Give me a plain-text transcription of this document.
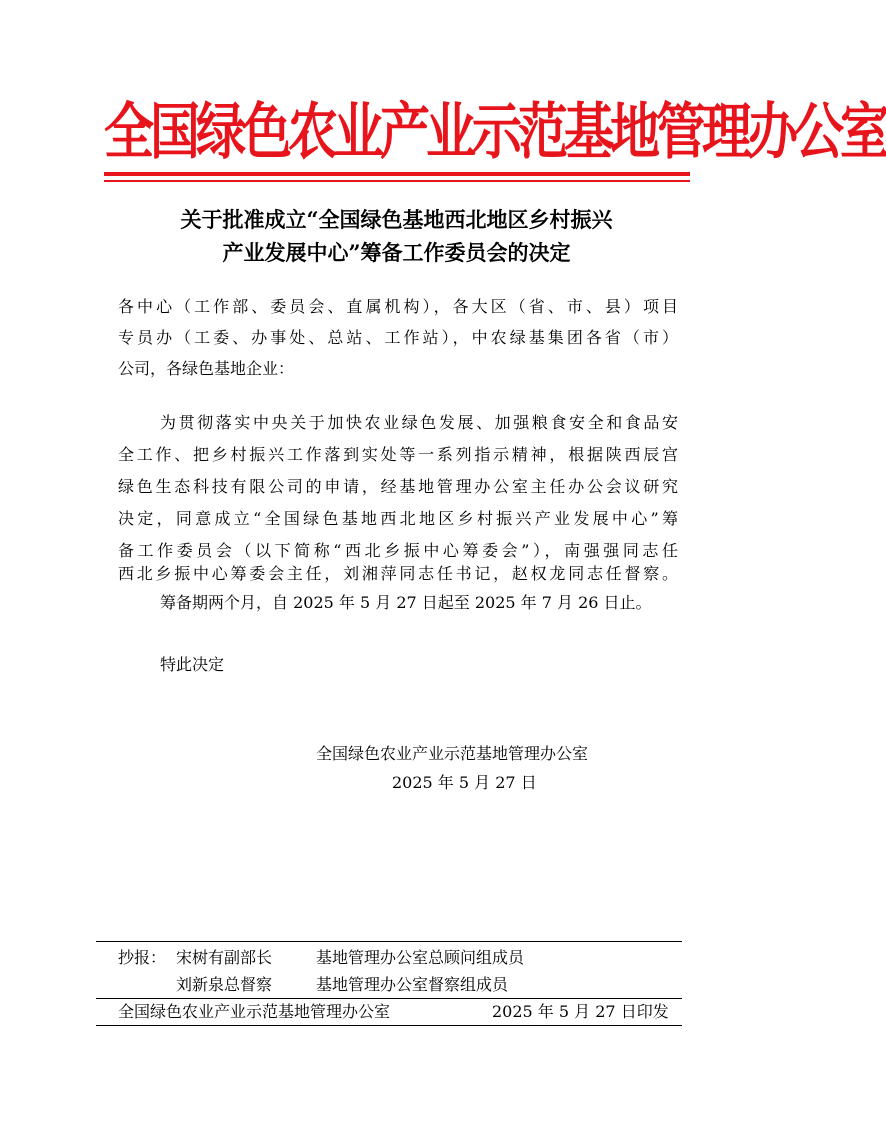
全国绿色农业产业示范基地管理办公室
关于批准成立“全国绿色基地西北地区乡村振兴
产业发展中心”筹备工作委员会的决定
各中心（工作部、委员会、直属机构），各大区（省、市、县）项目
专员办（工委、办事处、总站、工作站），中农绿基集团各省（市）
公司，各绿色基地企业：
为贯彻落实中央关于加快农业绿色发展、加强粮食安全和食品安
全工作、把乡村振兴工作落到实处等一系列指示精神，根据陕西辰宫
绿色生态科技有限公司的申请，经基地管理办公室主任办公会议研究
决定，同意成立“全国绿色基地西北地区乡村振兴产业发展中心”筹
备工作委员会（以下简称“西北乡振中心筹委会”），南强强同志任
西北乡振中心筹委会主任，刘湘萍同志任书记，赵权龙同志任督察。
筹备期两个月，自 2025 年 5 月 27 日起至 2025 年 7 月 26 日止。
特此决定
全国绿色农业产业示范基地管理办公室
2025 年 5 月 27 日
抄报： 宋树有副部长	基地管理办公室总顾问组成员
刘新泉总督察	基地管理办公室督察组成员
全国绿色农业产业示范基地管理办公室	2025 年 5 月 27 日印发
